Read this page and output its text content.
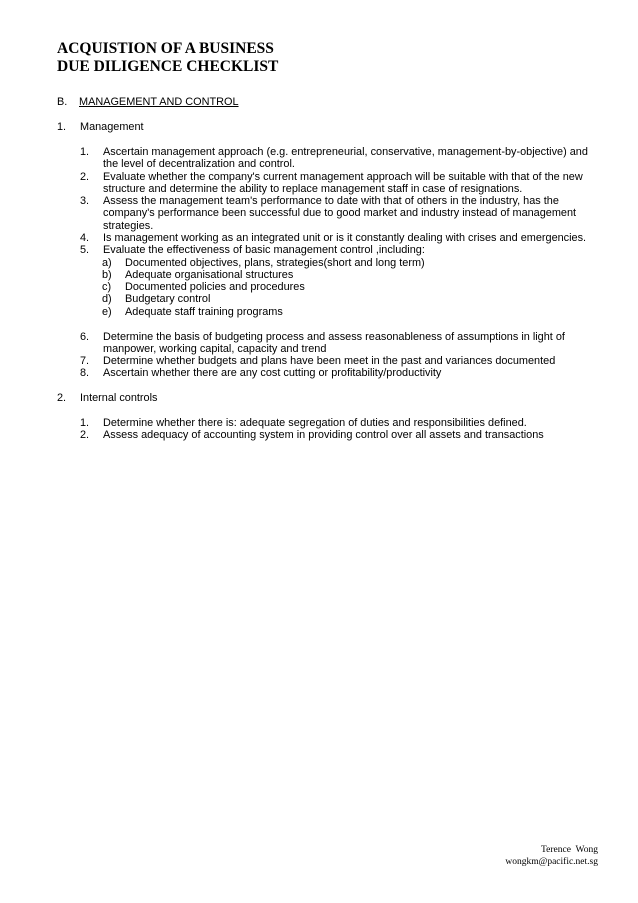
ACQUISTION OF A BUSINESS
DUE DILIGENCE CHECKLIST
B. MANAGEMENT AND CONTROL
1. Management
1.	Ascertain management approach (e.g. entrepreneurial, conservative, management-by-objective) and the level of decentralization and control.
2.	Evaluate whether the company's current management approach will be suitable with that of the new structure and determine the ability to replace management staff in case of resignations.
3.	Assess the management team's performance to date with that of others in the industry, has the company's performance been successful due to good market and industry instead of management strategies.
4.	Is management working as an integrated unit or is it constantly dealing with crises and emergencies.
5.	Evaluate the effectiveness of basic management control ,including:
a) Documented objectives, plans, strategies(short and long term)
b) Adequate organisational structures
c) Documented policies and procedures
d) Budgetary control
e) Adequate staff training programs
6.	Determine the basis of budgeting process and assess reasonableness of assumptions in light of manpower, working capital, capacity and trend
7.	Determine whether budgets and plans have been meet in the past and variances documented
8.	Ascertain whether there are any cost cutting or profitability/productivity
2. Internal controls
1.	Determine whether there is: adequate segregation of duties and responsibilities defined.
2.	Assess adequacy of accounting system in providing control over all assets and transactions
Terence  Wong
wongkm@pacific.net.sg
